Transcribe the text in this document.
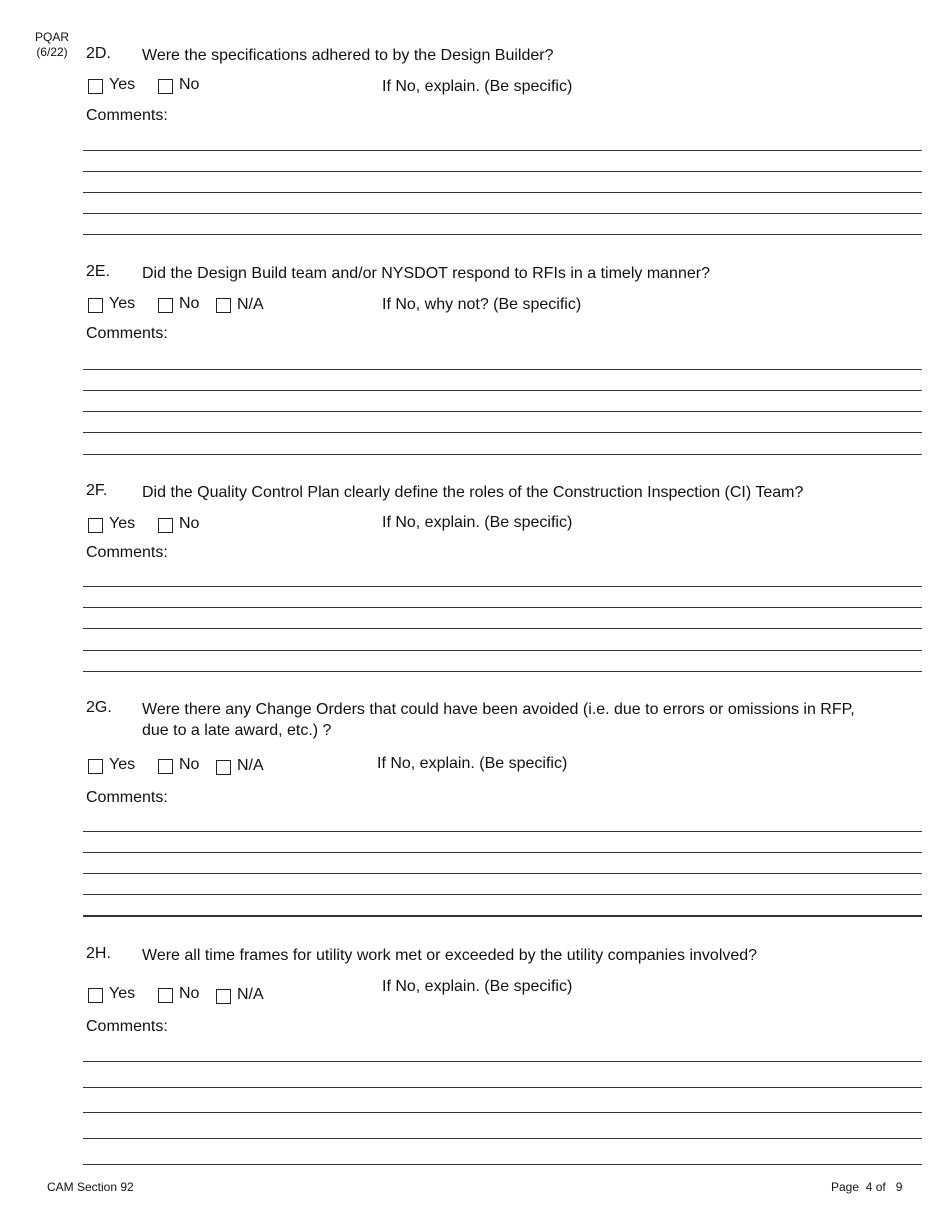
PQAR
(6/22)	2D. Were the specifications adhered to by the Design Builder?
Yes	No	If No, explain. (Be specific)
Comments:
2E. Did the Design Build team and/or NYSDOT respond to RFIs in a timely manner?
Yes	No N/A	If No, why not? (Be specific)
Comments:
2F. Did the Quality Control Plan clearly define the roles of the Construction Inspection (CI) Team?
Yes	No	If No, explain. (Be specific)
Comments:
2G. Were there any Change Orders that could have been avoided (i.e. due to errors or omissions in RFP,
due to a late award, etc.) ?
Yes	No N/A	If No, explain. (Be specific)
Comments:
2H. Were all time frames for utility work met or exceeded by the utility companies involved?
Yes	No N/A	If No, explain. (Be specific)
Comments:
CAM Section 92	Page  4 of   9
